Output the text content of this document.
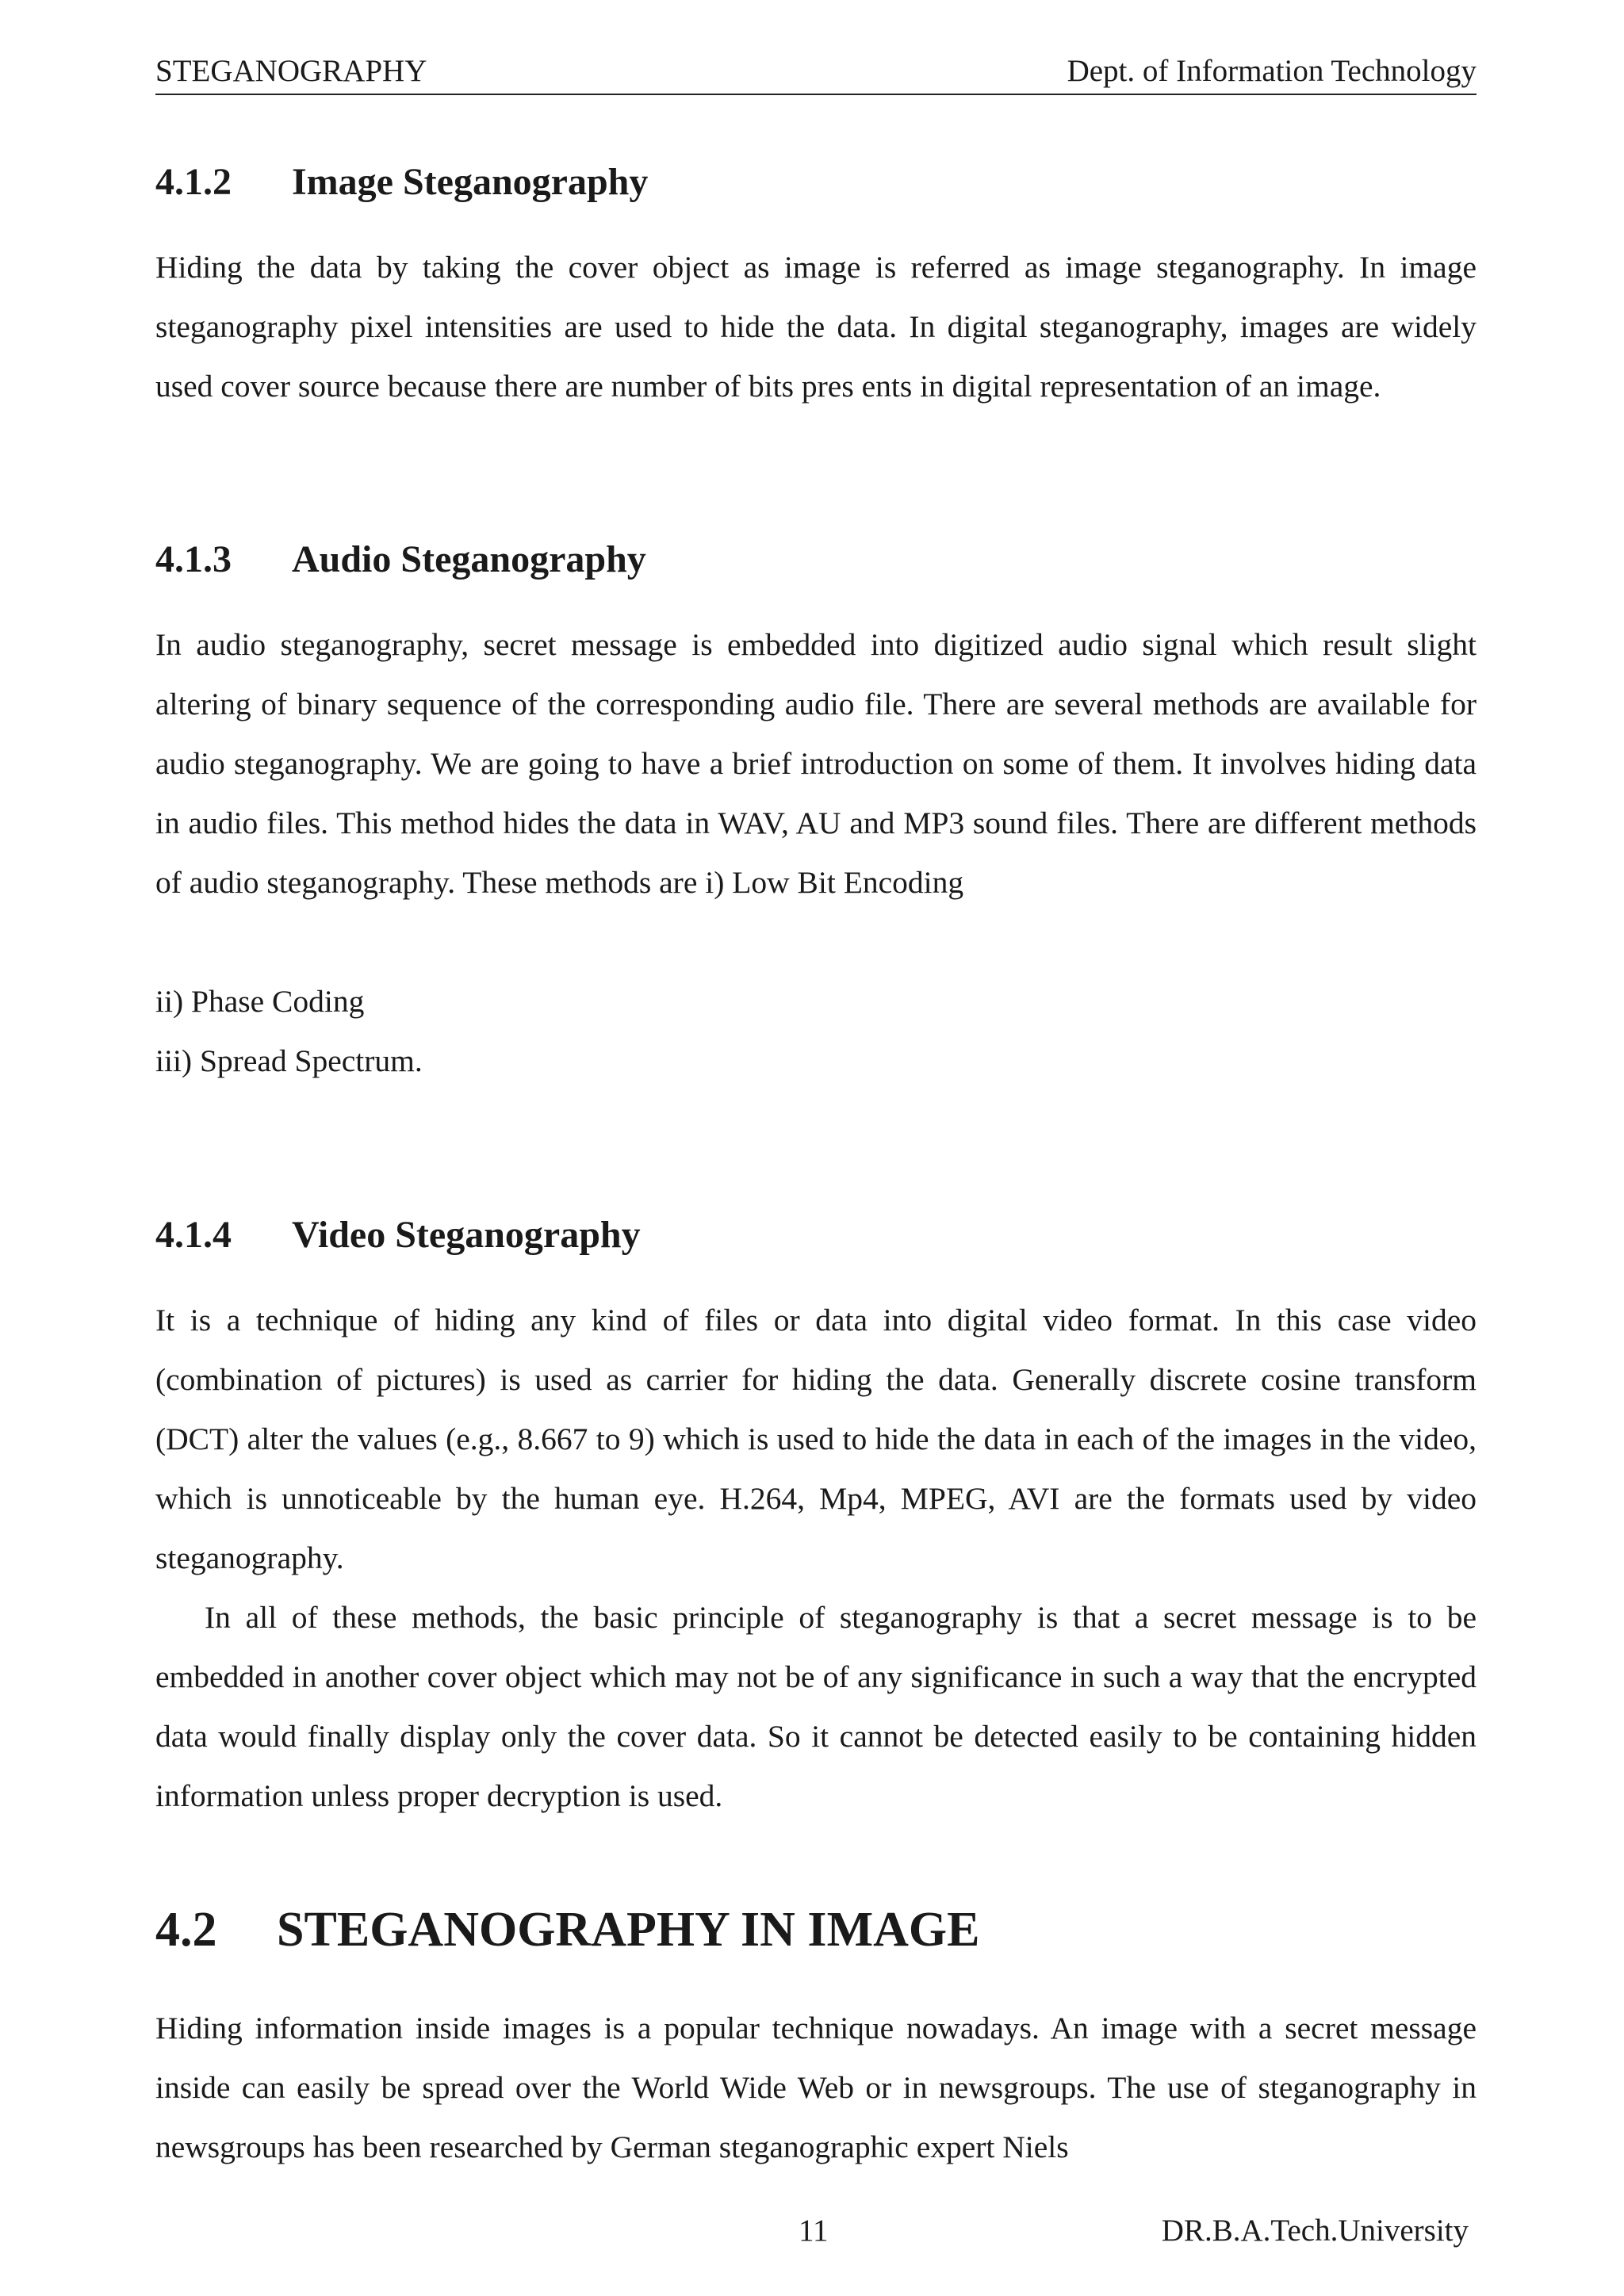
STEGANOGRAPHY	Dept. of Information Technology
4.1.2 Image Steganography

Hiding the data by taking the cover object as image is referred as image steganography. In image steganography pixel intensities are used to hide the data. In digital steganography, images are widely used cover source because there are number of bits pres ents in digital representation of an image.

4.1.3 Audio Steganography

In audio steganography, secret message is embedded into digitized audio signal which result slight altering of binary sequence of the corresponding audio file. There are several methods are available for audio steganography. We are going to have a brief introduction on some of them. It involves hiding data in audio files. This method hides the data in WAV, AU and MP3 sound files. There are different methods of audio steganography. These methods are i) Low Bit Encoding

ii) Phase Coding
iii) Spread Spectrum.
4.1.4 Video Steganography

It is a technique of hiding any kind of files or data into digital video format. In this case video (combination of pictures) is used as carrier for hiding the data. Generally discrete cosine transform (DCT) alter the values (e.g., 8.667 to 9) which is used to hide the data in each of the images in the video, which is unnoticeable by the human eye. H.264, Mp4, MPEG, AVI are the formats used by video steganography.

In all of these methods, the basic principle of steganography is that a secret message is to be embedded in another cover object which may not be of any significance in such a way that the encrypted data would finally display only the cover data. So it cannot be detected easily to be containing hidden information unless proper decryption is used.

4.2 STEGANOGRAPHY IN IMAGE

Hiding information inside images is a popular technique nowadays. An image with a secret message inside can easily be spread over the World Wide Web or in newsgroups. The use of steganography in newsgroups has been researched by German steganographic expert Niels

11	DR.B.A.Tech.University
